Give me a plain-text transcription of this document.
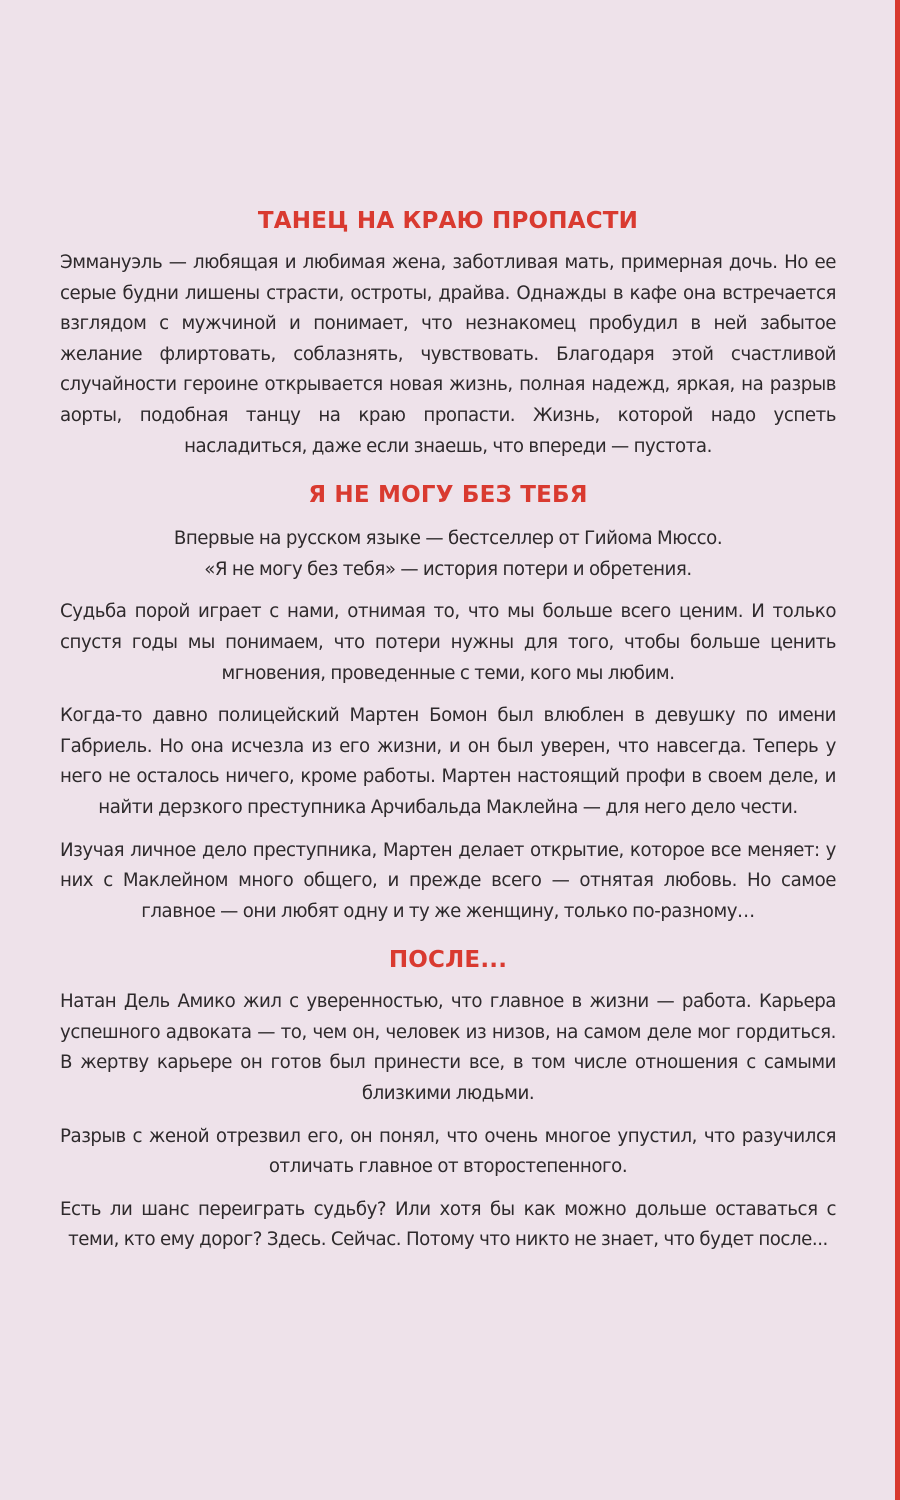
ТАНЕЦ НА КРАЮ ПРОПАСТИ

Эммануэль — любящая и любимая жена, заботливая мать, примерная дочь. Но ее серые будни лишены страсти, остроты, драйва. Однажды в кафе она встречается взглядом с мужчиной и понимает, что незнакомец пробудил в ней забытое желание флиртовать, соблазнять, чувствовать. Благодаря этой счастливой случайности героине открывается новая жизнь, полная надежд, яркая, на разрыв аорты, подобная танцу на краю пропасти. Жизнь, которой надо успеть насладиться, даже если знаешь, что впереди — пустота.

Я НЕ МОГУ БЕЗ ТЕБЯ

Впервые на русском языке — бестселлер от Гийома Мюссо.

«Я не могу без тебя» — история потери и обретения.

Судьба порой играет с нами, отнимая то, что мы больше всего ценим. И только спустя годы мы понимаем, что потери нужны для того, чтобы больше ценить мгновения, проведенные с теми, кого мы любим.

Когда-то давно полицейский Мартен Бомон был влюблен в девушку по имени Габриель. Но она исчезла из его жизни, и он был уверен, что навсегда. Теперь у него не осталось ничего, кроме работы. Мартен настоящий профи в своем деле, и найти дерзкого преступника Арчибальда Маклейна — для него дело чести.

Изучая личное дело преступника, Мартен делает открытие, которое все меняет: у них с Маклейном много общего, и прежде всего — отнятая любовь. Но самое главное — они любят одну и ту же женщину, только по-разному…

ПОСЛЕ...

Натан Дель Амико жил с уверенностью, что главное в жизни — работа. Карьера успешного адвоката — то, чем он, человек из низов, на самом деле мог гордиться. В жертву карьере он готов был принести все, в том числе отношения с самыми близкими людьми.

Разрыв с женой отрезвил его, он понял, что очень многое упустил, что разучился отличать главное от второстепенного.

Есть ли шанс переиграть судьбу? Или хотя бы как можно дольше оставаться с теми, кто ему дорог? Здесь. Сейчас. Потому что никто не знает, что будет после...
